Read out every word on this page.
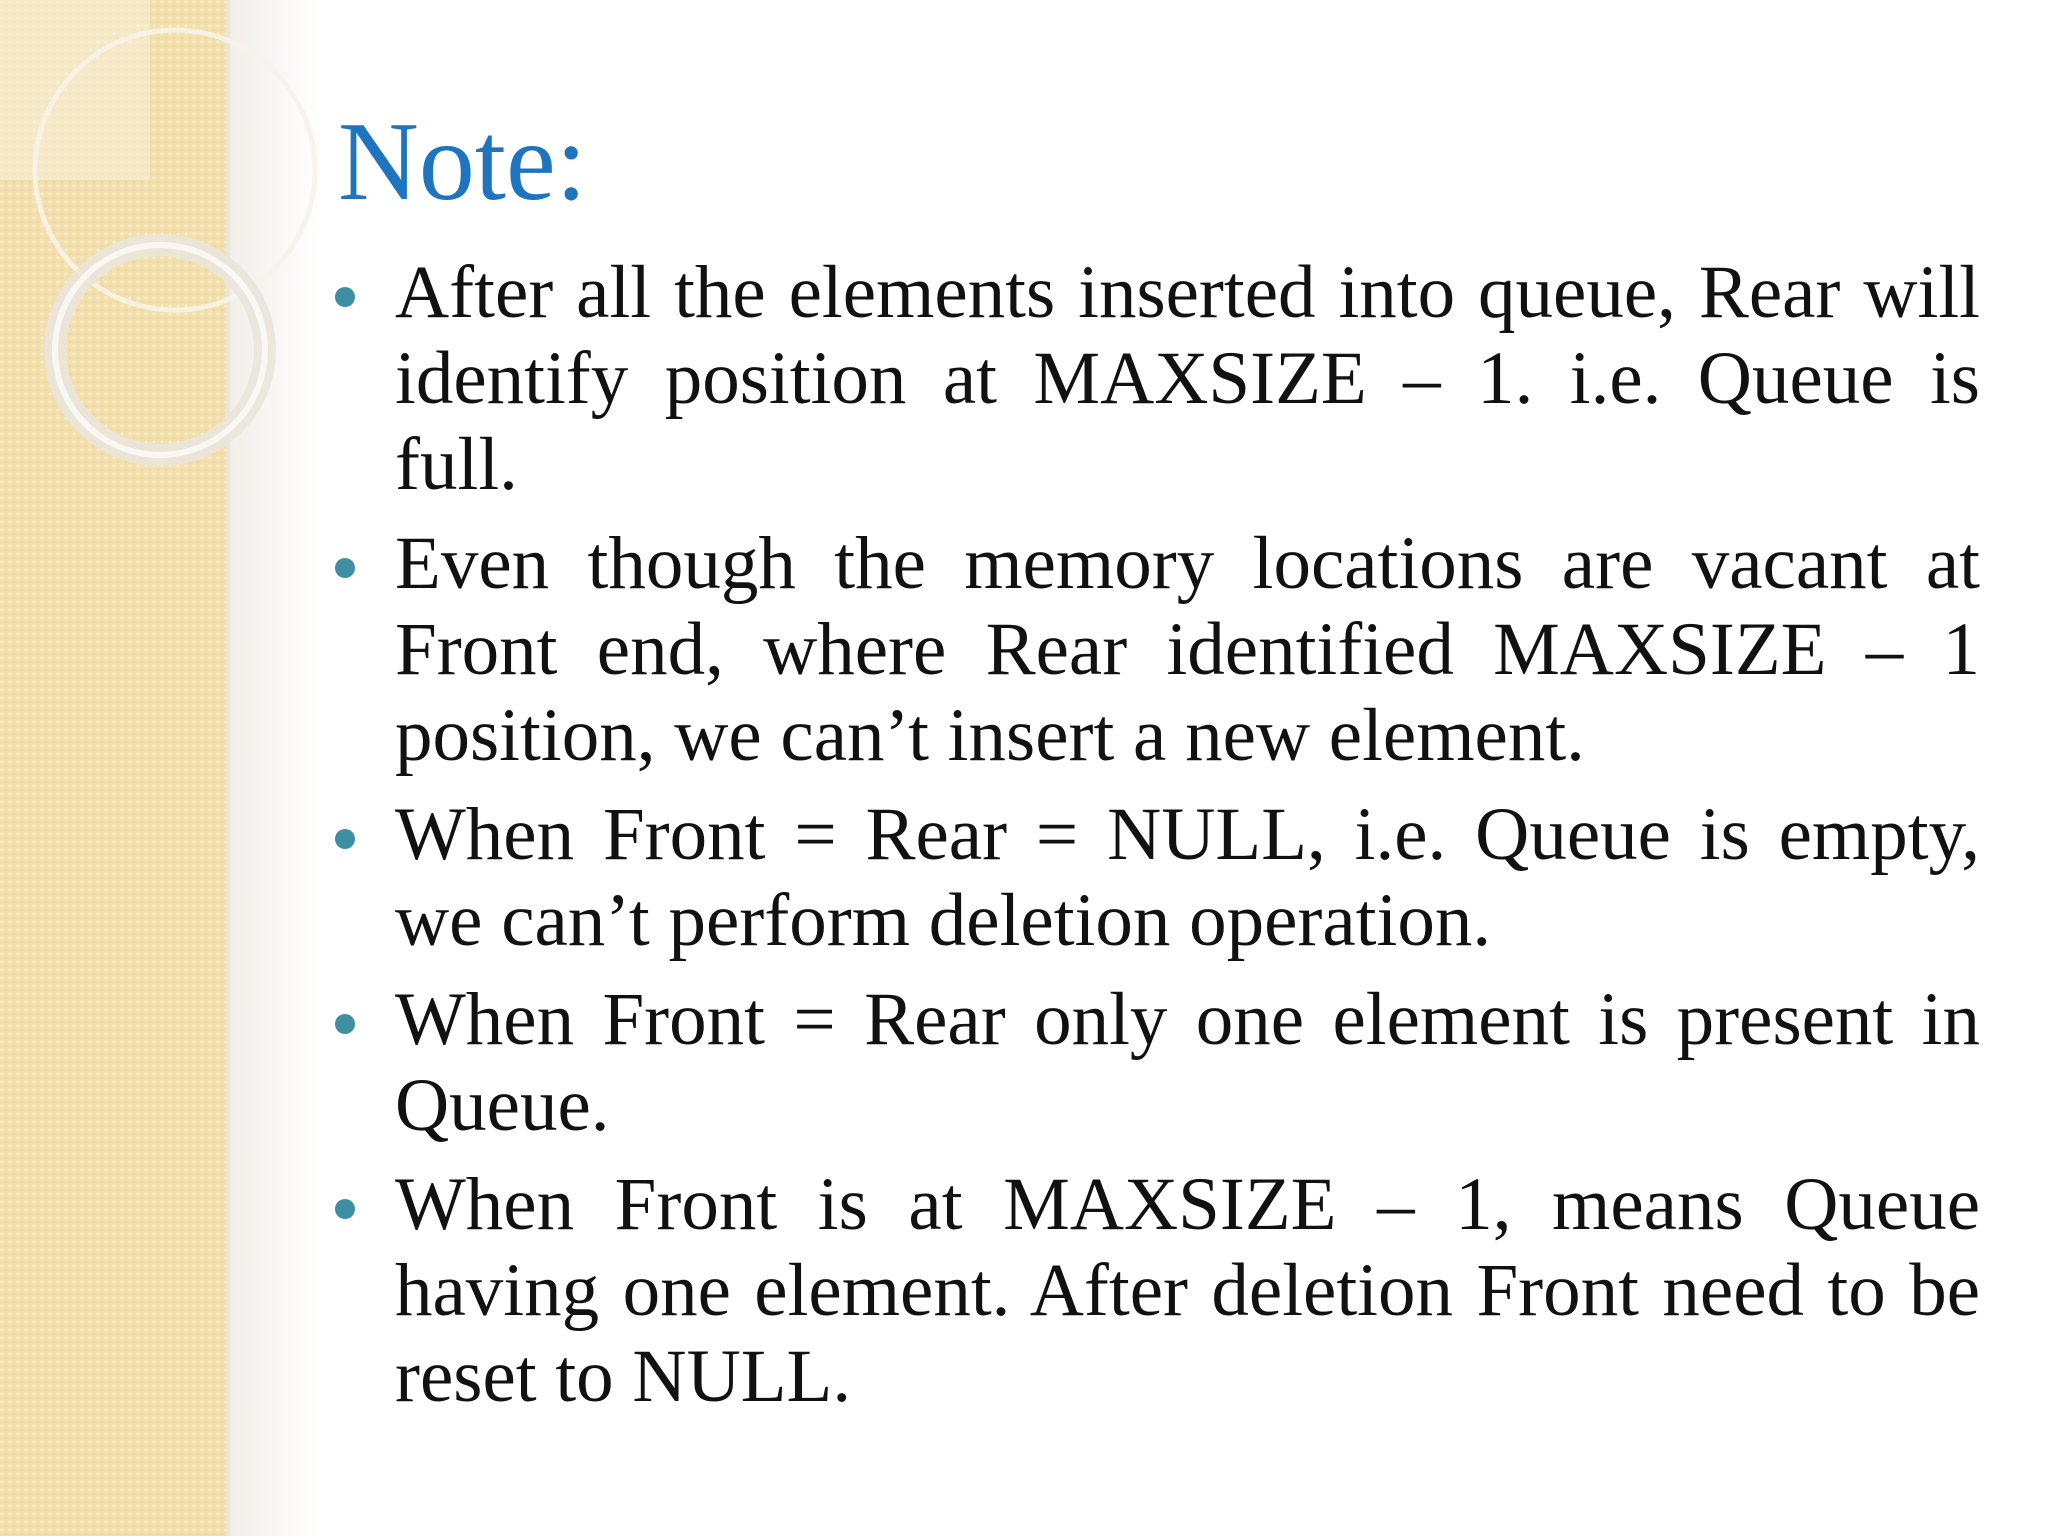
Note:
After all the elements inserted into queue, Rear will identify position at MAXSIZE – 1. i.e. Queue is full.
Even though the memory locations are vacant at Front end, where Rear identified MAXSIZE – 1 position, we can’t insert a new element.
When Front = Rear = NULL, i.e. Queue is empty, we can’t perform deletion operation.
When Front = Rear only one element is present in Queue.
When Front is at MAXSIZE – 1, means Queue having one element. After deletion Front need to be reset to NULL.
